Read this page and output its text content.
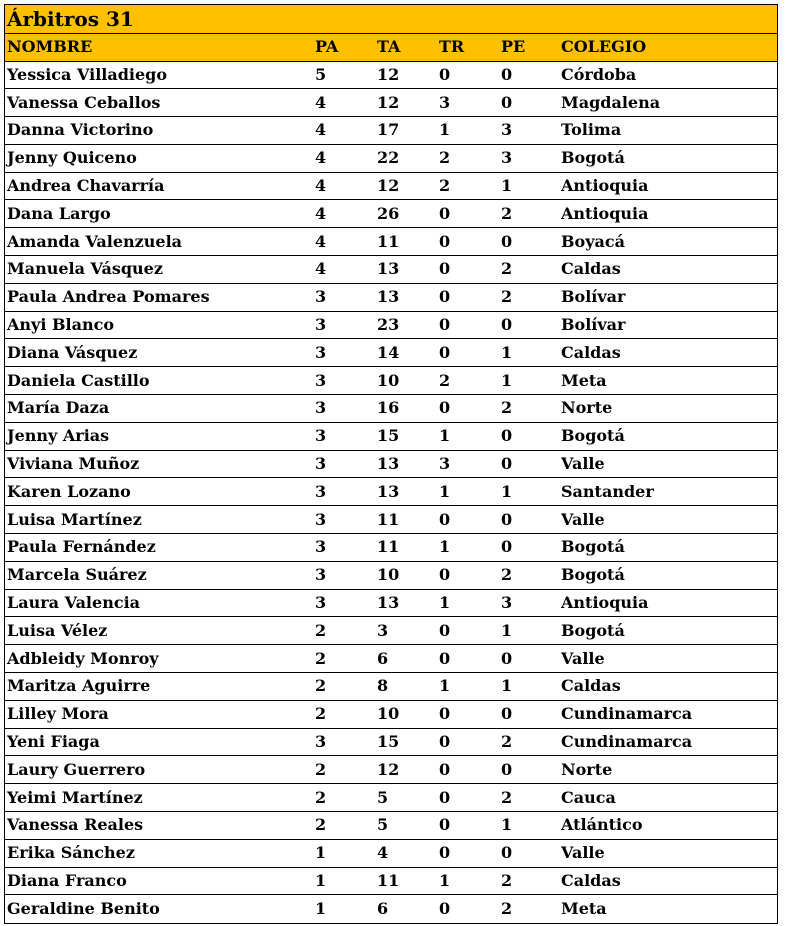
Árbitros 31
NOMBRE	PA	TA	TR	PE	COLEGIO
Yessica Villadiego	5	12	0	0	Córdoba
Vanessa Ceballos	4	12	3	0	Magdalena
Danna Victorino	4	17	1	3	Tolima
Jenny Quiceno	4	22	2	3	Bogotá
Andrea Chavarría	4	12	2	1	Antioquia
Dana Largo	4	26	0	2	Antioquia
Amanda Valenzuela	4	11	0	0	Boyacá
Manuela Vásquez	4	13	0	2	Caldas
Paula Andrea Pomares	3	13	0	2	Bolívar
Anyi Blanco	3	23	0	0	Bolívar
Diana Vásquez	3	14	0	1	Caldas
Daniela Castillo	3	10	2	1	Meta
María Daza	3	16	0	2	Norte
Jenny Arias	3	15	1	0	Bogotá
Viviana Muñoz	3	13	3	0	Valle
Karen Lozano	3	13	1	1	Santander
Luisa Martínez	3	11	0	0	Valle
Paula Fernández	3	11	1	0	Bogotá
Marcela Suárez	3	10	0	2	Bogotá
Laura Valencia	3	13	1	3	Antioquia
Luisa Vélez	2	3	0	1	Bogotá
Adbleidy Monroy	2	6	0	0	Valle
Maritza Aguirre	2	8	1	1	Caldas
Lilley Mora	2	10	0	0	Cundinamarca
Yeni Fiaga	3	15	0	2	Cundinamarca
Laury Guerrero	2	12	0	0	Norte
Yeimi Martínez	2	5	0	2	Cauca
Vanessa Reales	2	5	0	1	Atlántico
Erika Sánchez	1	4	0	0	Valle
Diana Franco	1	11	1	2	Caldas
Geraldine Benito	1	6	0	2	Meta
